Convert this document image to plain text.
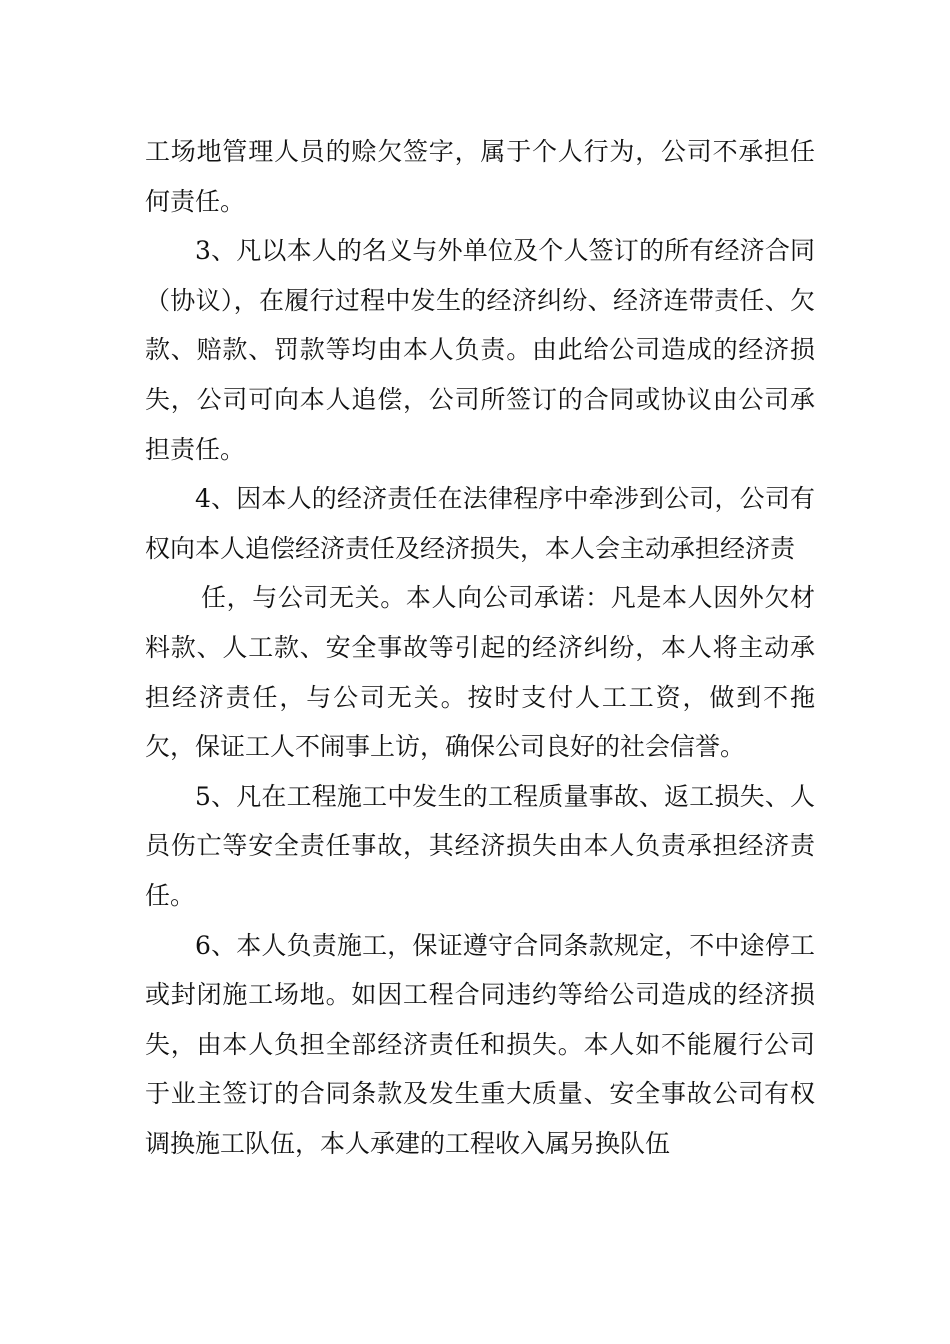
工场地管理人员的赊欠签字，属于个人行为，公司不承担任何责任。

3、凡以本人的名义与外单位及个人签订的所有经济合同（协议），在履行过程中发生的经济纠纷、经济连带责任、欠款、赔款、罚款等均由本人负责。由此给公司造成的经济损失，公司可向本人追偿，公司所签订的合同或协议由公司承担责任。

4、因本人的经济责任在法律程序中牵涉到公司，公司有权向本人追偿经济责任及经济损失，本人会主动承担经济责

任，与公司无关。本人向公司承诺：凡是本人因外欠材料款、人工款、安全事故等引起的经济纠纷，本人将主动承担经济责任，与公司无关。按时支付人工工资，做到不拖欠，保证工人不闹事上访，确保公司良好的社会信誉。

5、凡在工程施工中发生的工程质量事故、返工损失、人员伤亡等安全责任事故，其经济损失由本人负责承担经济责任。

6、本人负责施工，保证遵守合同条款规定，不中途停工或封闭施工场地。如因工程合同违约等给公司造成的经济损失，由本人负担全部经济责任和损失。本人如不能履行公司于业主签订的合同条款及发生重大质量、安全事故公司有权调换施工队伍，本人承建的工程收入属另换队伍
